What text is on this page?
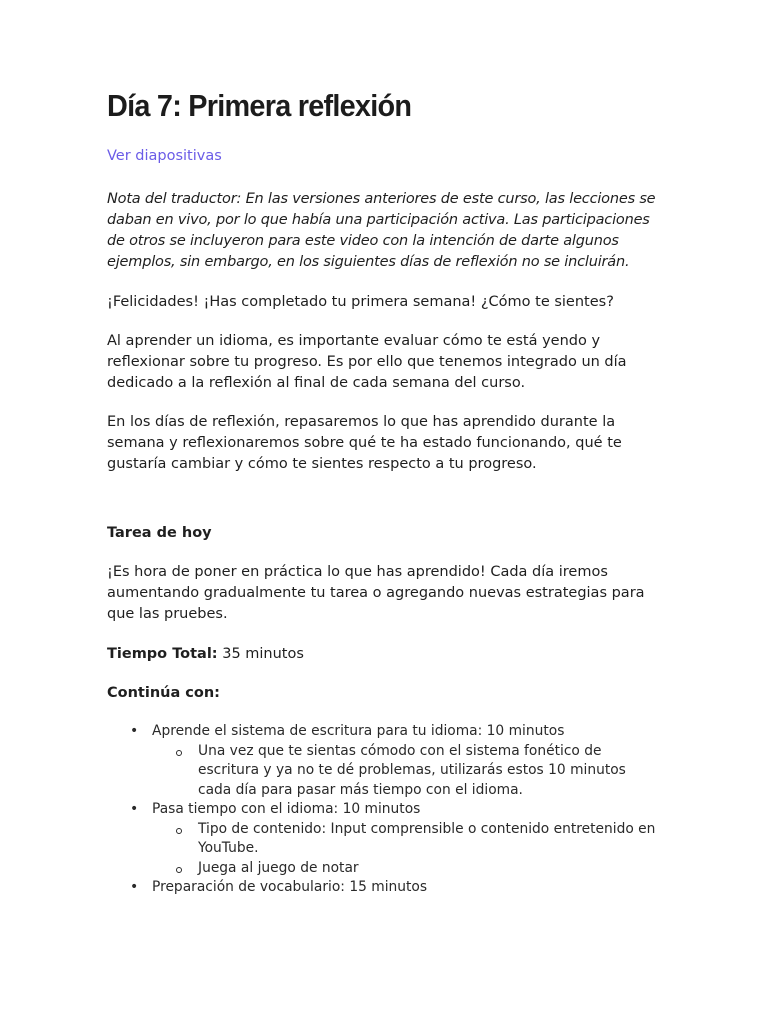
Día 7: Primera reflexión
Ver diapositivas

Nota del traductor: En las versiones anteriores de este curso, las lecciones se daban en vivo, por lo que había una participación activa. Las participaciones de otros se incluyeron para este video con la intención de darte algunos ejemplos, sin embargo, en los siguientes días de reflexión no se incluirán.

¡Felicidades! ¡Has completado tu primera semana! ¿Cómo te sientes?

Al aprender un idioma, es importante evaluar cómo te está yendo y reflexionar sobre tu progreso. Es por ello que tenemos integrado un día dedicado a la reflexión al final de cada semana del curso.

En los días de reflexión, repasaremos lo que has aprendido durante la semana y reflexionaremos sobre qué te ha estado funcionando, qué te gustaría cambiar y cómo te sientes respecto a tu progreso.

Tarea de hoy

¡Es hora de poner en práctica lo que has aprendido! Cada día iremos aumentando gradualmente tu tarea o agregando nuevas estrategias para que las pruebes.

Tiempo Total: 35 minutos

Continúa con:

• Aprende el sistema de escritura para tu idioma: 10 minutos
Una vez que te sientas cómodo con el sistema fonético de escritura y ya no te dé problemas, utilizarás estos 10 minutos cada día para pasar más tiempo con el idioma.
• Pasa tiempo con el idioma: 10 minutos
Tipo de contenido: Input comprensible o contenido entretenido en YouTube.
Juega al juego de notar
• Preparación de vocabulario: 15 minutos
